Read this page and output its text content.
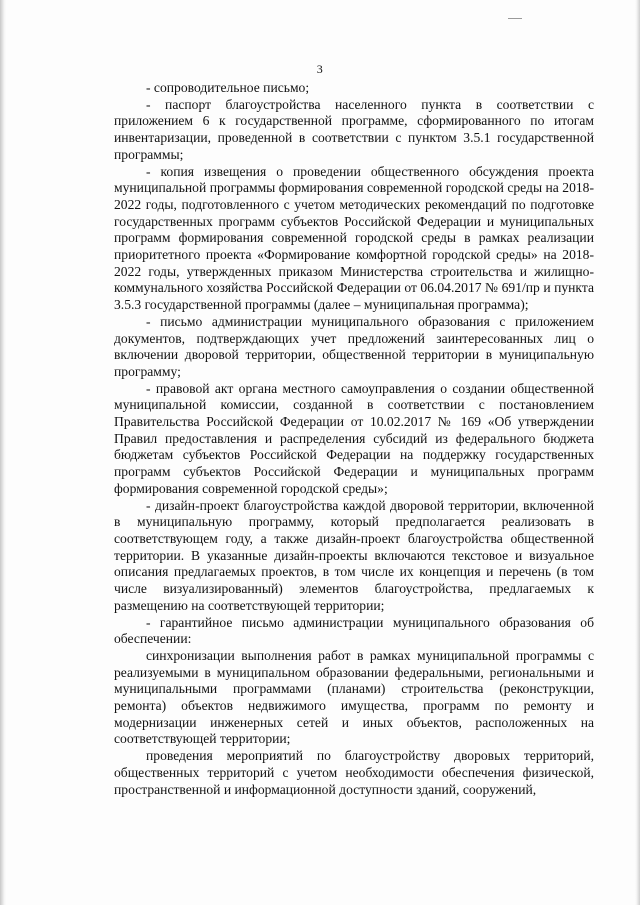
3

- сопроводительное письмо;

- паспорт благоустройства населенного пункта в соответствии с приложением 6 к государственной программе, сформированного по итогам инвентаризации, проведенной в соответствии с пунктом 3.5.1 государственной программы;

- копия извещения о проведении общественного обсуждения проекта муниципальной программы формирования современной городской среды на 2018-2022 годы, подготовленного с учетом методических рекомендаций по подготовке государственных программ субъектов Российской Федерации и муниципальных программ формирования современной городской среды в рамках реализации приоритетного проекта «Формирование комфортной городской среды» на 2018-2022 годы, утвержденных приказом Министерства строительства и жилищно-коммунального хозяйства Российской Федерации от 06.04.2017 № 691/пр и пункта 3.5.3 государственной программы (далее – муниципальная программа);

- письмо администрации муниципального образования с приложением документов, подтверждающих учет предложений заинтересованных лиц о включении дворовой территории, общественной территории в муниципальную программу;

- правовой акт органа местного самоуправления о создании общественной муниципальной комиссии, созданной в соответствии с постановлением Правительства Российской Федерации от 10.02.2017 № 169 «Об утверждении Правил предоставления и распределения субсидий из федерального бюджета бюджетам субъектов Российской Федерации на поддержку государственных программ субъектов Российской Федерации и муниципальных программ формирования современной городской среды»;

- дизайн-проект благоустройства каждой дворовой территории, включенной в муниципальную программу, который предполагается реализовать в соответствующем году, а также дизайн-проект благоустройства общественной территории. В указанные дизайн-проекты включаются текстовое и визуальное описания предлагаемых проектов, в том числе их концепция и перечень (в том числе визуализированный) элементов благоустройства, предлагаемых к размещению на соответствующей территории;

- гарантийное письмо администрации муниципального образования об обеспечении:

синхронизации выполнения работ в рамках муниципальной программы с реализуемыми в муниципальном образовании федеральными, региональными и муниципальными программами (планами) строительства (реконструкции, ремонта) объектов недвижимого имущества, программ по ремонту и модернизации инженерных сетей и иных объектов, расположенных на соответствующей территории;

проведения мероприятий по благоустройству дворовых территорий, общественных территорий с учетом необходимости обеспечения физической, пространственной и информационной доступности зданий, сооружений,
